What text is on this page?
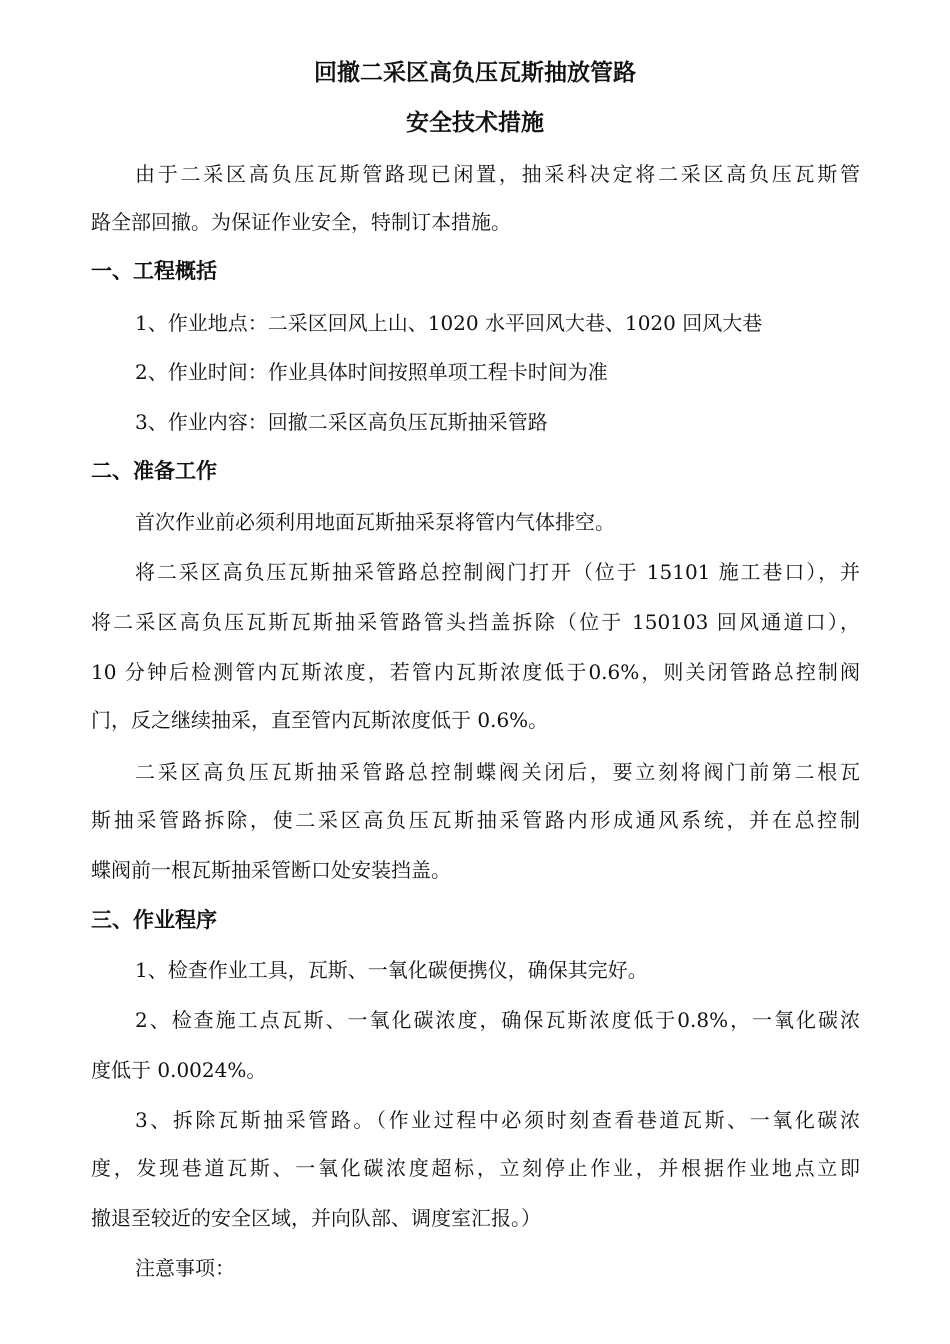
回撤二采区高负压瓦斯抽放管路
安全技术措施
由于二采区高负压瓦斯管路现已闲置，抽采科决定将二采区高负压瓦斯管
路全部回撤。为保证作业安全，特制订本措施。
一、工程概括
1、作业地点：二采区回风上山、1020 水平回风大巷、1020 回风大巷
2、作业时间：作业具体时间按照单项工程卡时间为准
3、作业内容：回撤二采区高负压瓦斯抽采管路
二、准备工作
首次作业前必须利用地面瓦斯抽采泵将管内气体排空。
将二采区高负压瓦斯抽采管路总控制阀门打开（位于 15101 施工巷口），并
将二采区高负压瓦斯瓦斯抽采管路管头挡盖拆除（位于 150103 回风通道口），
10 分钟后检测管内瓦斯浓度，若管内瓦斯浓度低于0.6%，则关闭管路总控制阀
门，反之继续抽采，直至管内瓦斯浓度低于 0.6%。
二采区高负压瓦斯抽采管路总控制蝶阀关闭后，要立刻将阀门前第二根瓦
斯抽采管路拆除，使二采区高负压瓦斯抽采管路内形成通风系统，并在总控制
蝶阀前一根瓦斯抽采管断口处安装挡盖。
三、作业程序
1、检查作业工具，瓦斯、一氧化碳便携仪，确保其完好。
2、检查施工点瓦斯、一氧化碳浓度，确保瓦斯浓度低于0.8%，一氧化碳浓
度低于 0.0024%。
3、拆除瓦斯抽采管路。（作业过程中必须时刻查看巷道瓦斯、一氧化碳浓
度，发现巷道瓦斯、一氧化碳浓度超标，立刻停止作业，并根据作业地点立即
撤退至较近的安全区域，并向队部、调度室汇报。）
注意事项：
